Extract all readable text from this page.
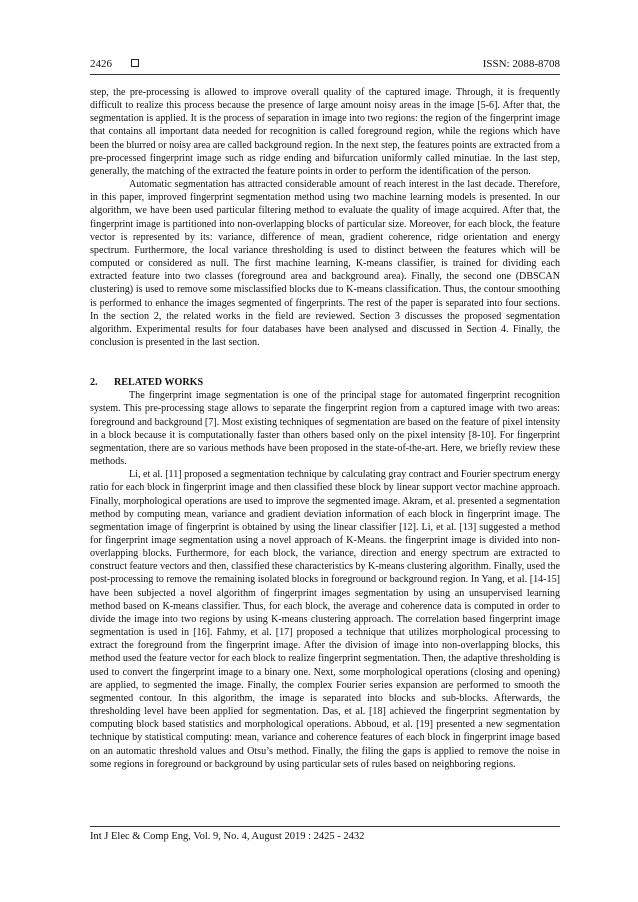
2426	ISSN: 2088-8708

step, the pre-processing is allowed to improve overall quality of the captured image. Through, it is frequently difficult to realize this process because the presence of large amount noisy areas in the image [5-6]. After that, the segmentation is applied. It is the process of separation in image into two regions: the region of the fingerprint image that contains all important data needed for recognition is called foreground region, while the regions which have been the blurred or noisy area are called background region. In the next step, the features points are extracted from a pre-processed fingerprint image such as ridge ending and bifurcation uniformly called minutiae. In the last step, generally, the matching of the extracted the feature points in order to perform the identification of the person.

Automatic segmentation has attracted considerable amount of reach interest in the last decade. Therefore, in this paper, improved fingerprint segmentation method using two machine learning models is presented. In our algorithm, we have been used particular filtering method to evaluate the quality of image acquired. After that, the fingerprint image is partitioned into non-overlapping blocks of particular size. Moreover, for each block, the feature vector is represented by its: variance, difference of mean, gradient coherence, ridge orientation and energy spectrum. Furthermore, the local variance thresholding is used to distinct between the features which will be computed or considered as null. The first machine learning, K-means classifier, is trained for dividing each extracted feature into two classes (foreground area and background area). Finally, the second one (DBSCAN clustering) is used to remove some misclassified blocks due to K-means classification. Thus, the contour smoothing is performed to enhance the images segmented of fingerprints. The rest of the paper is separated into four sections. In the section 2, the related works in the field are reviewed. Section 3 discusses the proposed segmentation algorithm. Experimental results for four databases have been analysed and discussed in Section 4. Finally, the conclusion is presented in the last section.

2. RELATED WORKS

The fingerprint image segmentation is one of the principal stage for automated fingerprint recognition system. This pre-processing stage allows to separate the fingerprint region from a captured image with two areas: foreground and background [7]. Most existing techniques of segmentation are based on the feature of pixel intensity in a block because it is computationally faster than others based only on the pixel intensity [8-10]. For fingerprint segmentation, there are so various methods have been proposed in the state-of-the-art. Here, we briefly review these methods.

Li, et al. [11] proposed a segmentation technique by calculating gray contract and Fourier spectrum energy ratio for each block in fingerprint image and then classified these block by linear support vector machine approach. Finally, morphological operations are used to improve the segmented image. Akram, et al. presented a segmentation method by computing mean, variance and gradient deviation information of each block in fingerprint image. The segmentation image of fingerprint is obtained by using the linear classifier [12]. Li, et al. [13] suggested a method for fingerprint image segmentation using a novel approach of K-Means. the fingerprint image is divided into non-overlapping blocks. Furthermore, for each block, the variance, direction and energy spectrum are extracted to construct feature vectors and then, classified these characteristics by K-means clustering algorithm. Finally, used the post-processing to remove the remaining isolated blocks in foreground or background region. In Yang, et al. [14-15] have been subjected a novel algorithm of fingerprint images segmentation by using an unsupervised learning method based on K-means classifier. Thus, for each block, the average and coherence data is computed in order to divide the image into two regions by using K-means clustering approach. The correlation based fingerprint image segmentation is used in [16]. Fahmy, et al. [17] proposed a technique that utilizes morphological processing to extract the foreground from the fingerprint image. After the division of image into non-overlapping blocks, this method used the feature vector for each block to realize fingerprint segmentation. Then, the adaptive thresholding is used to convert the fingerprint image to a binary one. Next, some morphological operations (closing and opening) are applied, to segmented the image. Finally, the complex Fourier series expansion are performed to smooth the segmented contour. In this algorithm, the image is separated into blocks and sub-blocks. Afterwards, the thresholding level have been applied for segmentation. Das, et al. [18] achieved the fingerprint segmentation by computing block based statistics and morphological operations. Abboud, et al. [19] presented a new segmentation technique by statistical computing: mean, variance and coherence features of each block in fingerprint image based on an automatic threshold values and Otsu’s method. Finally, the filing the gaps is applied to remove the noise in some regions in foreground or background by using particular sets of rules based on neighboring regions.

Int J Elec & Comp Eng, Vol. 9, No. 4, August 2019 : 2425 - 2432
